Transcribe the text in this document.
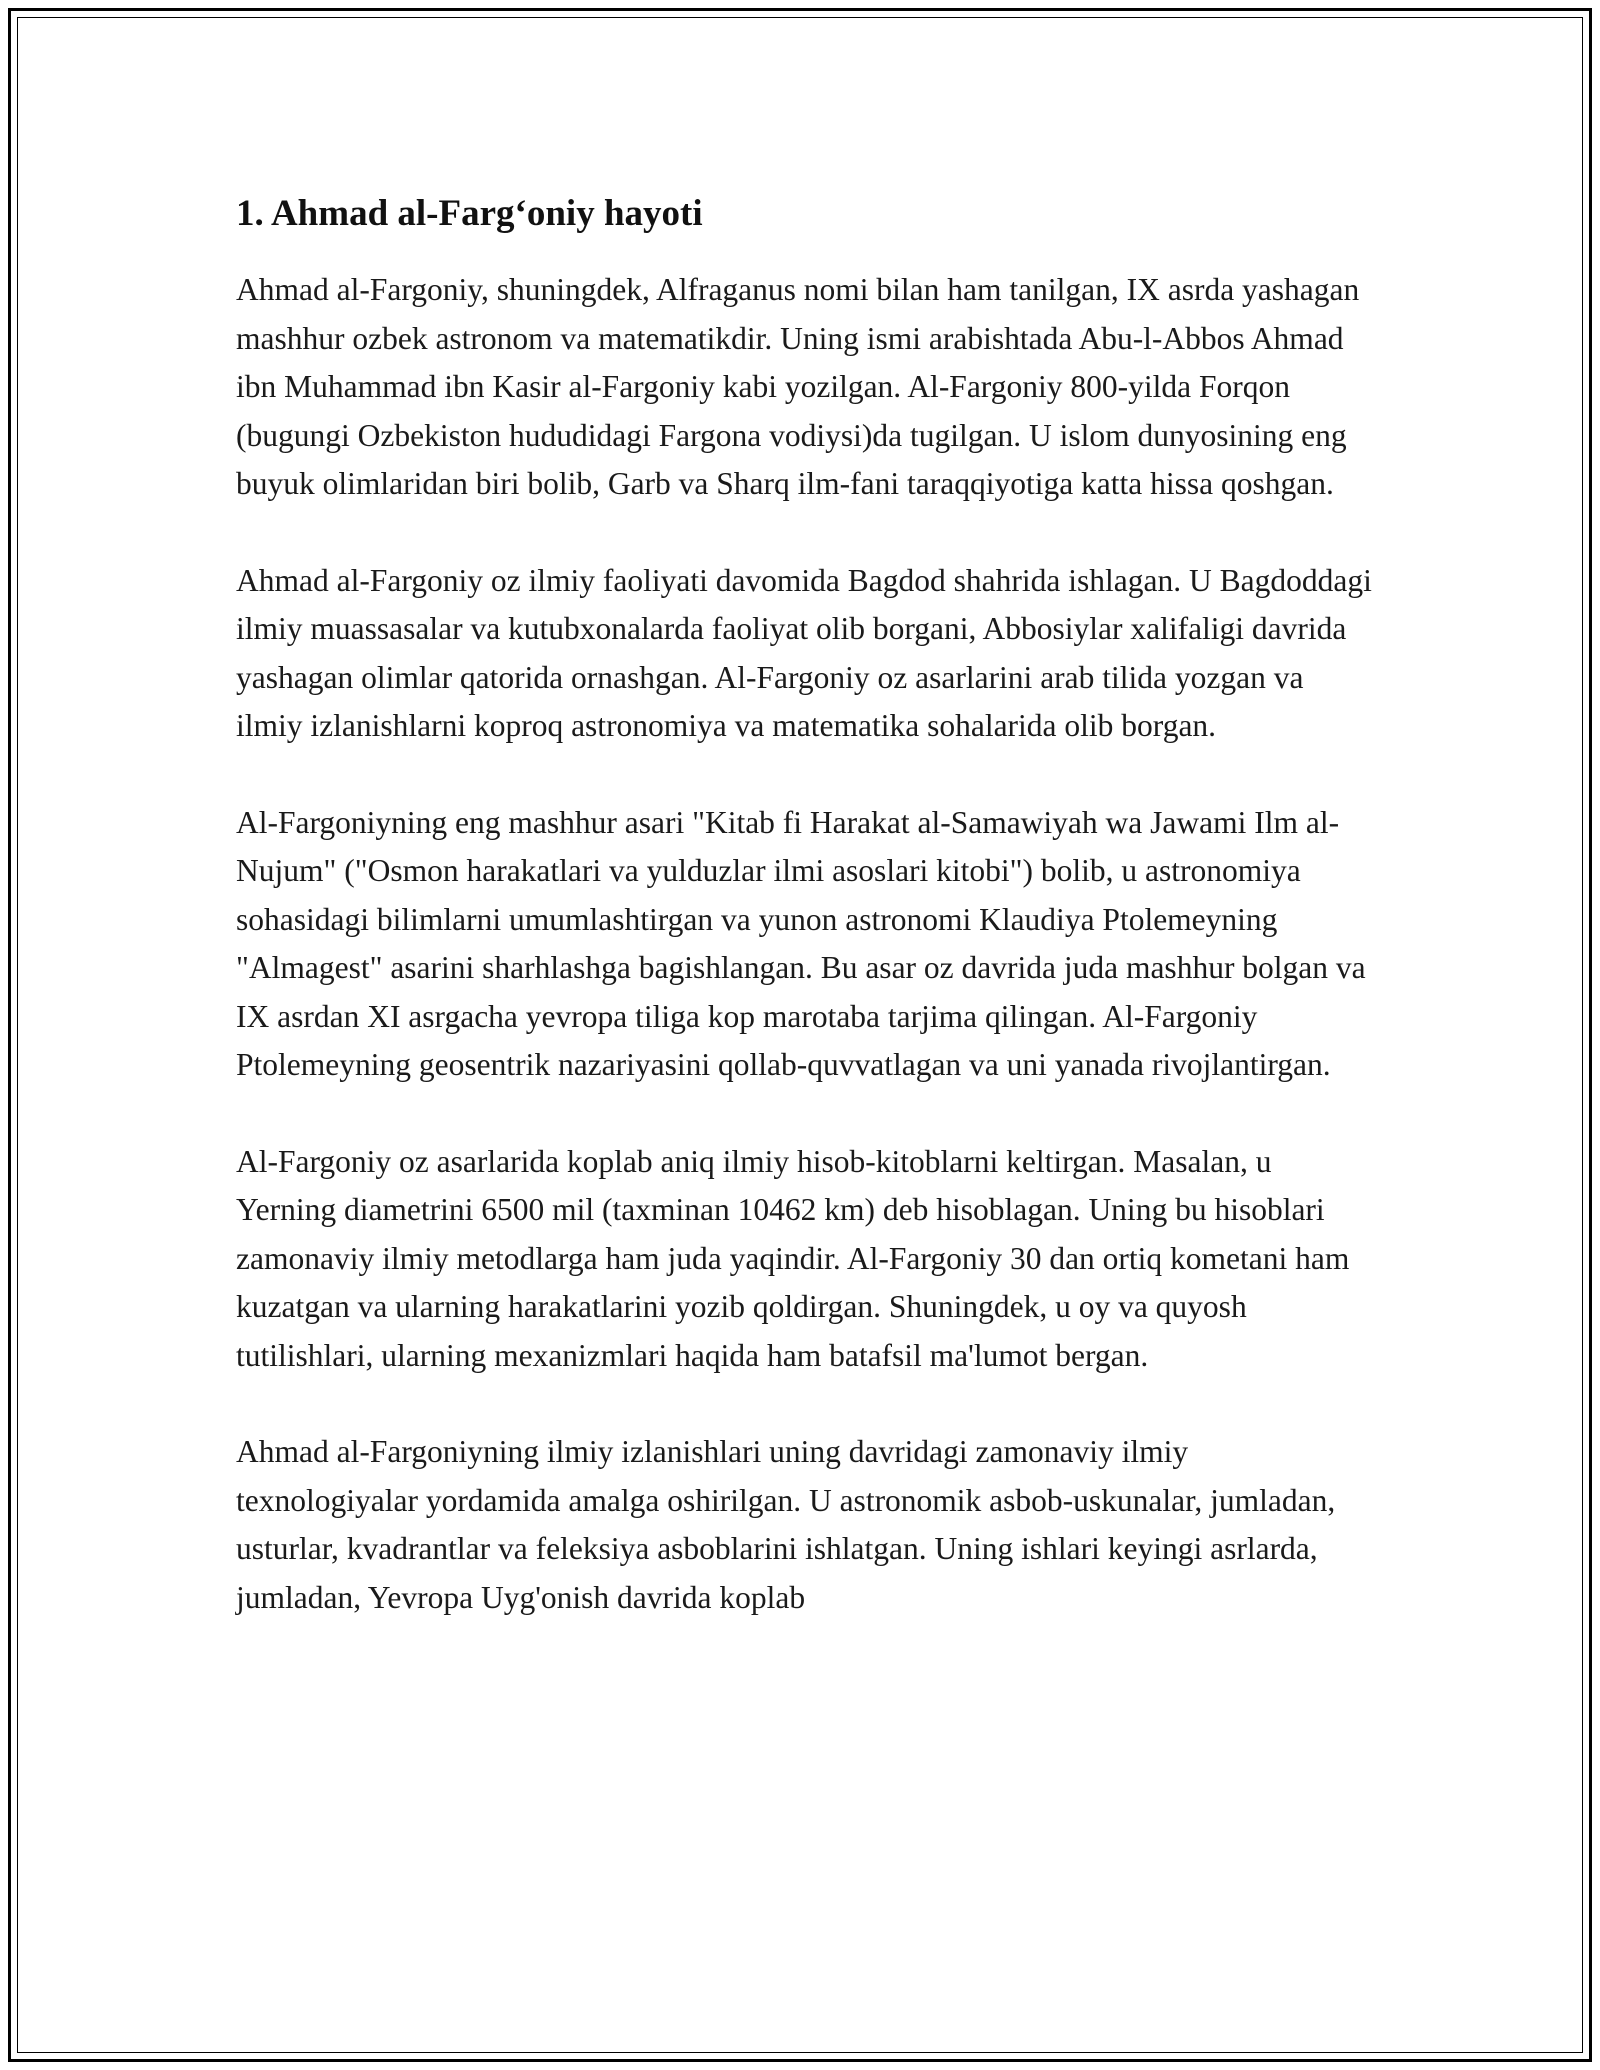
1. Ahmad al-Farg‘oniy hayoti

Ahmad al-Fargoniy, shuningdek, Alfraganus nomi bilan ham tanilgan, IX asrda yashagan mashhur ozbek astronom va matematikdir. Uning ismi arabishtada Abu-l-Abbos Ahmad ibn Muhammad ibn Kasir al-Fargoniy kabi yozilgan. Al-Fargoniy 800-yilda Forqon (bugungi Ozbekiston hududidagi Fargona vodiysi)da tugilgan. U islom dunyosining eng buyuk olimlaridan biri bolib, Garb va Sharq ilm-fani taraqqiyotiga katta hissa qoshgan.

Ahmad al-Fargoniy oz ilmiy faoliyati davomida Bagdod shahrida ishlagan. U Bagdoddagi ilmiy muassasalar va kutubxonalarda faoliyat olib borgani, Abbosiylar xalifaligi davrida yashagan olimlar qatorida ornashgan. Al-Fargoniy oz asarlarini arab tilida yozgan va ilmiy izlanishlarni koproq astronomiya va matematika sohalarida olib borgan.

Al-Fargoniyning eng mashhur asari "Kitab fi Harakat al-Samawiyah wa Jawami Ilm al-Nujum" ("Osmon harakatlari va yulduzlar ilmi asoslari kitobi") bolib, u astronomiya sohasidagi bilimlarni umumlashtirgan va yunon astronomi Klaudiya Ptolemeyning "Almagest" asarini sharhlashga bagishlangan. Bu asar oz davrida juda mashhur bolgan va IX asrdan XI asrgacha yevropa tiliga kop marotaba tarjima qilingan. Al-Fargoniy Ptolemeyning geosentrik nazariyasini qollab-quvvatlagan va uni yanada rivojlantirgan.

Al-Fargoniy oz asarlarida koplab aniq ilmiy hisob-kitoblarni keltirgan. Masalan, u Yerning diametrini 6500 mil (taxminan 10462 km) deb hisoblagan. Uning bu hisoblari zamonaviy ilmiy metodlarga ham juda yaqindir. Al-Fargoniy 30 dan ortiq kometani ham kuzatgan va ularning harakatlarini yozib qoldirgan. Shuningdek, u oy va quyosh tutilishlari, ularning mexanizmlari haqida ham batafsil ma'lumot bergan.

Ahmad al-Fargoniyning ilmiy izlanishlari uning davridagi zamonaviy ilmiy texnologiyalar yordamida amalga oshirilgan. U astronomik asbob-uskunalar, jumladan, usturlar, kvadrantlar va feleksiya asboblarini ishlatgan. Uning ishlari keyingi asrlarda, jumladan, Yevropa Uyg'onish davrida koplab
